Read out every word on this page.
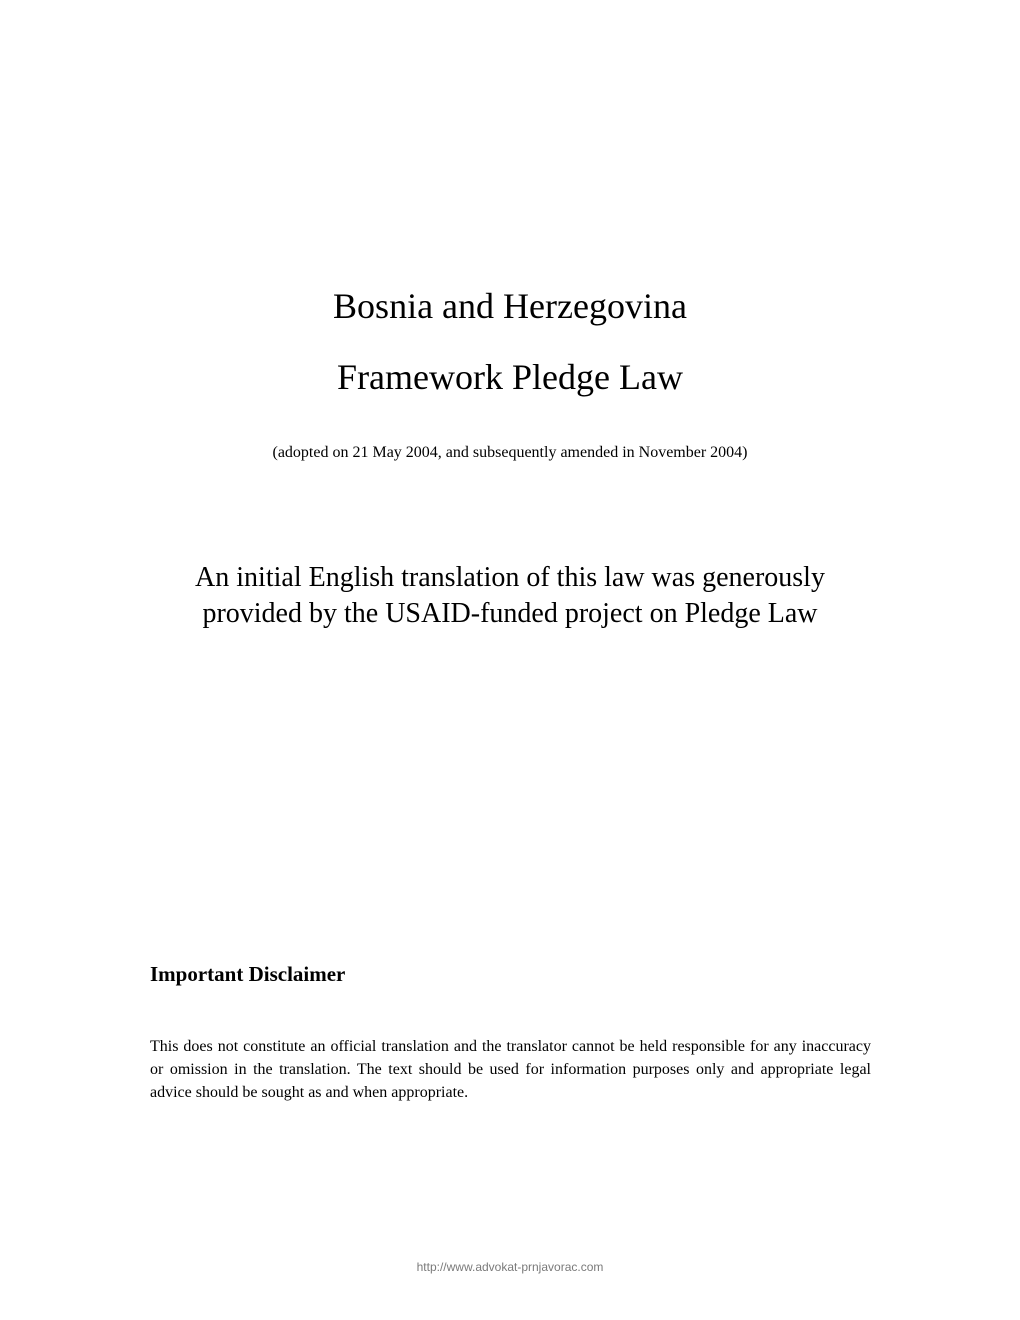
Bosnia and Herzegovina
Framework Pledge Law

(adopted on 21 May 2004, and subsequently amended in November 2004)

An initial English translation of this law was generously provided by the USAID-funded project on Pledge Law

Important Disclaimer

This does not constitute an official translation and the translator cannot be held responsible for any inaccuracy or omission in the translation. The text should be used for information purposes only and appropriate legal advice should be sought as and when appropriate.

http://www.advokat-prnjavorac.com
